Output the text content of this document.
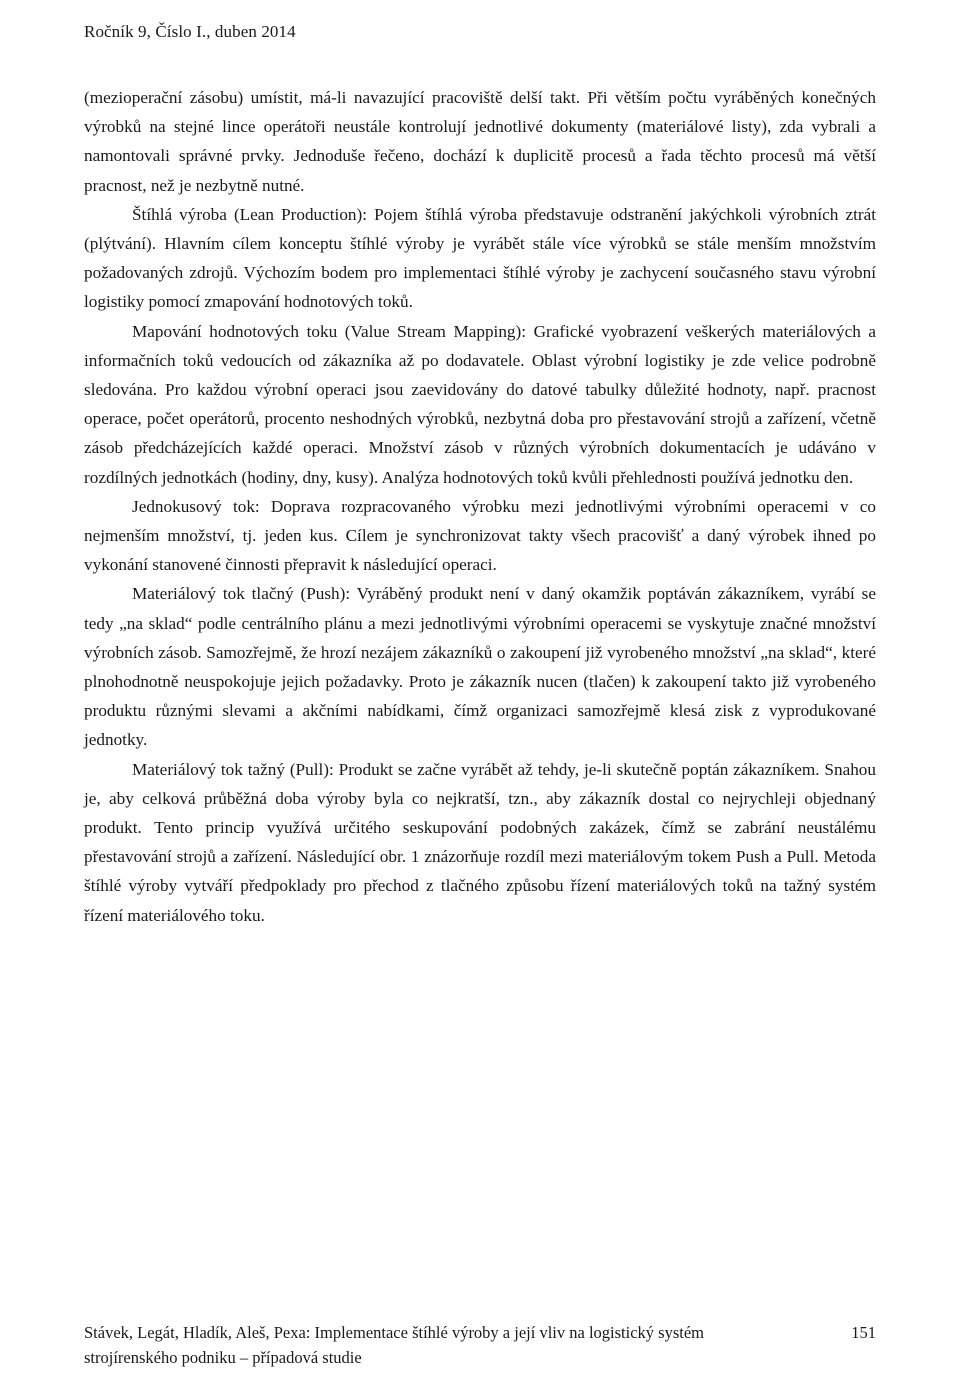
Ročník 9, Číslo I., duben 2014

(mezioperační zásobu) umístit, má-li navazující pracoviště delší takt. Při větším počtu vyráběných konečných výrobků na stejné lince operátoři neustále kontrolují jednotlivé dokumenty (materiálové listy), zda vybrali a namontovali správné prvky. Jednoduše řečeno, dochází k duplicitě procesů a řada těchto procesů má větší pracnost, než je nezbytně nutné.

Štíhlá výroba (Lean Production): Pojem štíhlá výroba představuje odstranění jakýchkoli výrobních ztrát (plýtvání). Hlavním cílem konceptu štíhlé výroby je vyrábět stále více výrobků se stále menším množstvím požadovaných zdrojů. Výchozím bodem pro implementaci štíhlé výroby je zachycení současného stavu výrobní logistiky pomocí zmapování hodnotových toků.

Mapování hodnotových toku (Value Stream Mapping): Grafické vyobrazení veškerých materiálových a informačních toků vedoucích od zákazníka až po dodavatele. Oblast výrobní logistiky je zde velice podrobně sledována. Pro každou výrobní operaci jsou zaevidovány do datové tabulky důležité hodnoty, např. pracnost operace, počet operátorů, procento neshodných výrobků, nezbytná doba pro přestavování strojů a zařízení, včetně zásob předcházejících každé operaci. Množství zásob v různých výrobních dokumentacích je udáváno v rozdílných jednotkách (hodiny, dny, kusy). Analýza hodnotových toků kvůli přehlednosti používá jednotku den.

Jednokusový tok: Doprava rozpracovaného výrobku mezi jednotlivými výrobními operacemi v co nejmenším množství, tj. jeden kus. Cílem je synchronizovat takty všech pracovišť a daný výrobek ihned po vykonání stanovené činnosti přepravit k následující operaci.

Materiálový tok tlačný (Push): Vyráběný produkt není v daný okamžik poptáván zákazníkem, vyrábí se tedy „na sklad“ podle centrálního plánu a mezi jednotlivými výrobními operacemi se vyskytuje značné množství výrobních zásob. Samozřejmě, že hrozí nezájem zákazníků o zakoupení již vyrobeného množství „na sklad“, které plnohodnotně neuspokojuje jejich požadavky. Proto je zákazník nucen (tlačen) k zakoupení takto již vyrobeného produktu různými slevami a akčními nabídkami, čímž organizaci samozřejmě klesá zisk z vyprodukované jednotky.

Materiálový tok tažný (Pull): Produkt se začne vyrábět až tehdy, je-li skutečně poptán zákazníkem. Snahou je, aby celková průběžná doba výroby byla co nejkratší, tzn., aby zákazník dostal co nejrychleji objednaný produkt. Tento princip využívá určitého seskupování podobných zakázek, čímž se zabrání neustálému přestavování strojů a zařízení. Následující obr. 1 znázorňuje rozdíl mezi materiálovým tokem Push a Pull. Metoda štíhlé výroby vytváří předpoklady pro přechod z tlačného způsobu řízení materiálových toků na tažný systém řízení materiálového toku.

Stávek, Legát, Hladík, Aleš, Pexa: Implementace štíhlé výroby a její vliv na logistický systém strojírenského podniku – případová studie
151
